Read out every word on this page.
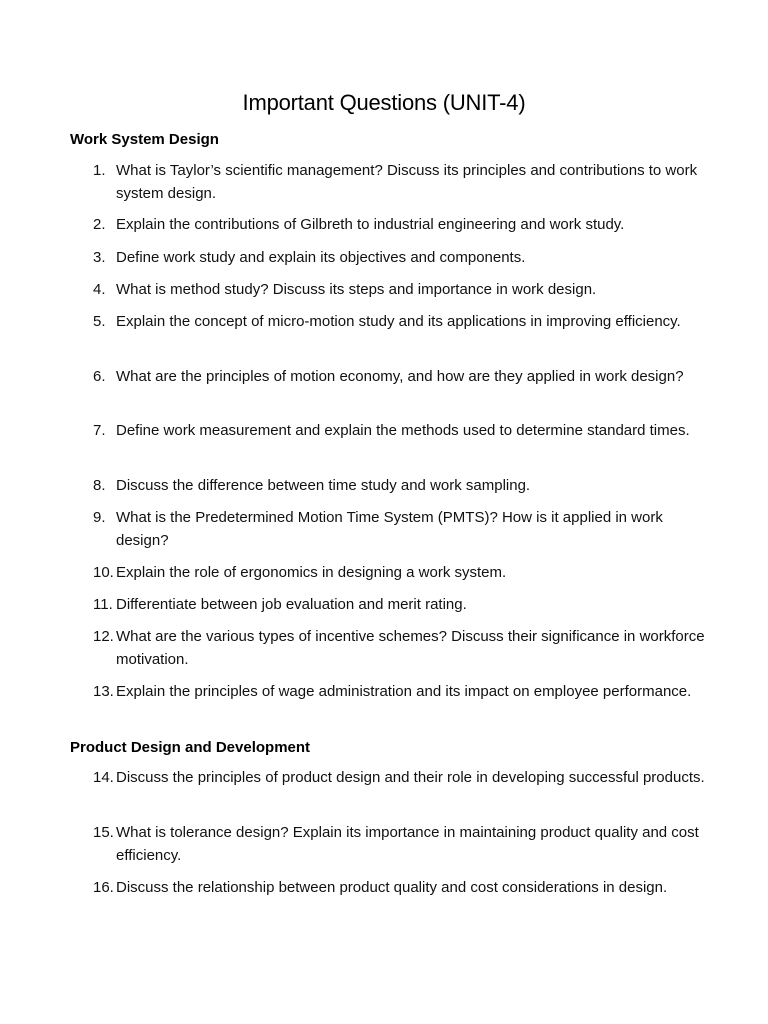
Important Questions (UNIT-4)
Work System Design
1. What is Taylor’s scientific management? Discuss its principles and contributions to work system design.
2. Explain the contributions of Gilbreth to industrial engineering and work study.
3. Define work study and explain its objectives and components.
4. What is method study? Discuss its steps and importance in work design.
5. Explain the concept of micro-motion study and its applications in improving efficiency.
6. What are the principles of motion economy, and how are they applied in work design?
7. Define work measurement and explain the methods used to determine standard times.
8. Discuss the difference between time study and work sampling.
9. What is the Predetermined Motion Time System (PMTS)? How is it applied in work design?
10. Explain the role of ergonomics in designing a work system.
11. Differentiate between job evaluation and merit rating.
12. What are the various types of incentive schemes? Discuss their significance in workforce motivation.
13. Explain the principles of wage administration and its impact on employee performance.
Product Design and Development
14. Discuss the principles of product design and their role in developing successful products.
15. What is tolerance design? Explain its importance in maintaining product quality and cost efficiency.
16. Discuss the relationship between product quality and cost considerations in design.
